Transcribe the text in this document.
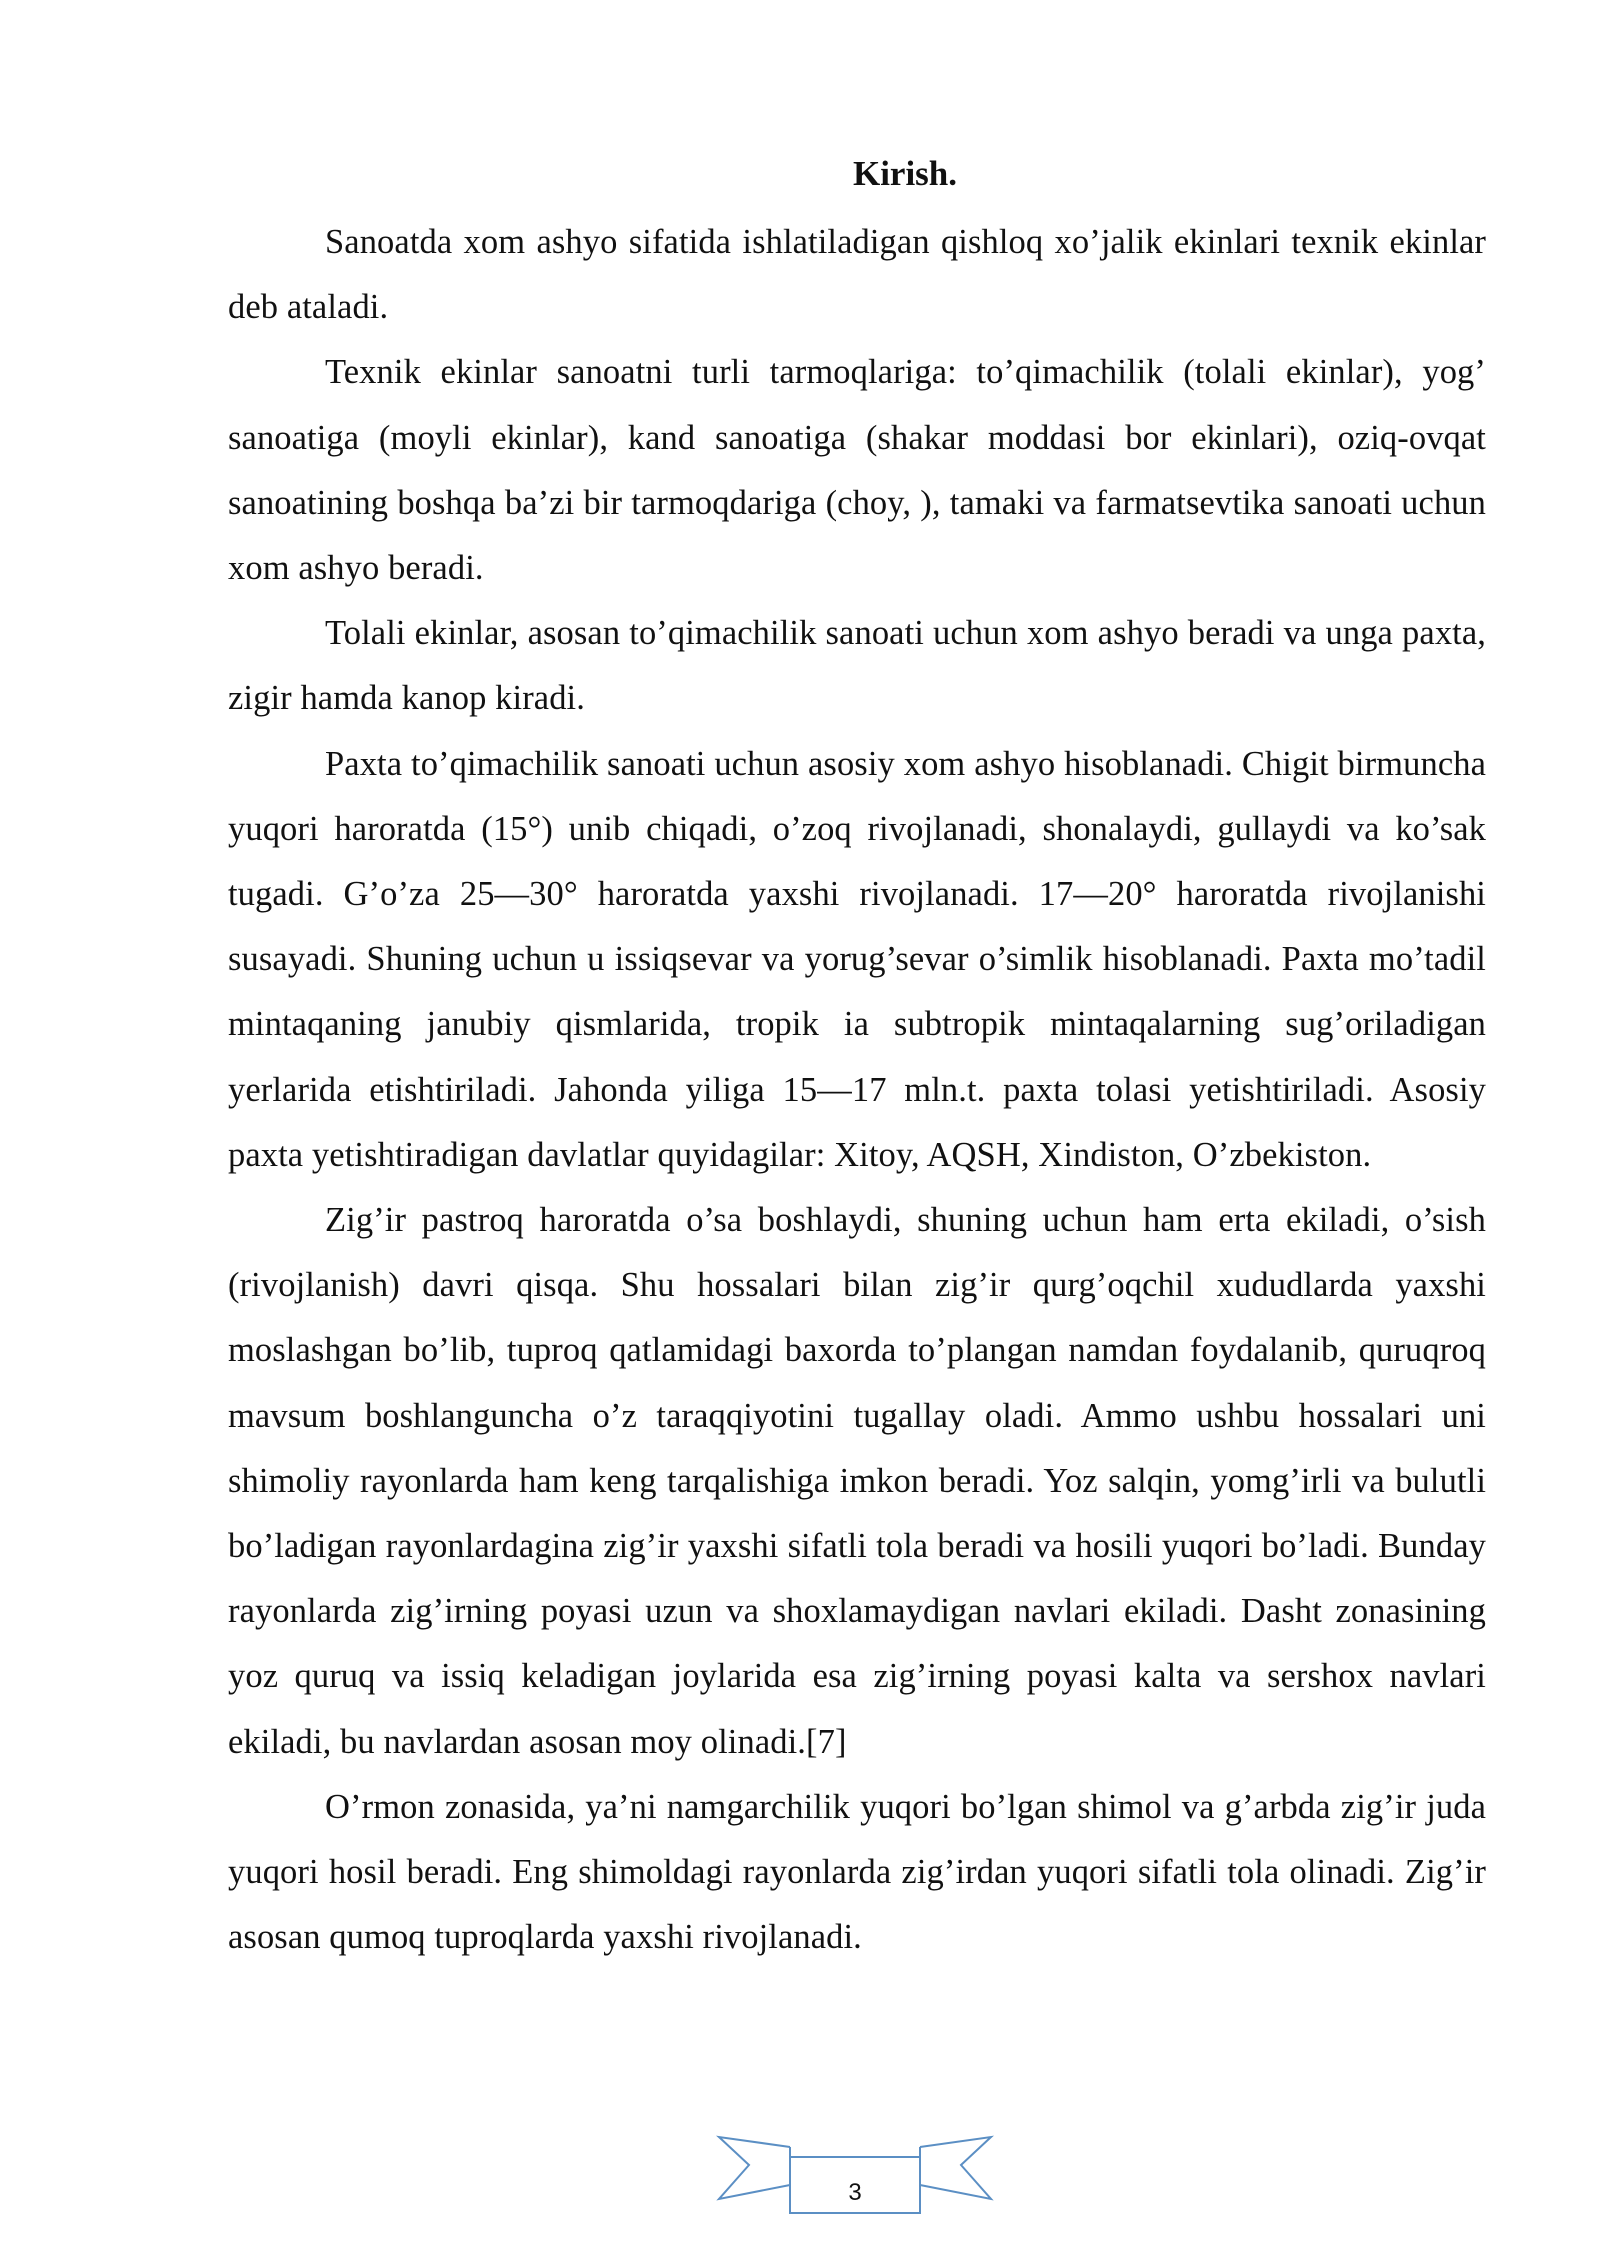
Kirish.

Sanoatda xom ashyo sifatida ishlatiladigan qishloq xo’jalik ekinlari texnik ekinlar deb ataladi.

Texnik ekinlar sanoatni turli tarmoqlariga: to’qimachilik (tolali ekinlar), yog’ sanoatiga (moyli ekinlar), kand sanoatiga (shakar moddasi bor ekinlari), oziq-ovqat sanoatining boshqa ba’zi bir tarmoqdariga (choy, ), tamaki va farmatsevtika sanoati uchun xom ashyo beradi.

Tolali ekinlar, asosan to’qimachilik sanoati uchun xom ashyo beradi va unga paxta, zigir hamda kanop kiradi.

Paxta to’qimachilik sanoati uchun asosiy xom ashyo hisoblanadi. Chigit birmuncha yuqori haroratda (15°) unib chiqadi, o’zoq rivojlanadi, shonalaydi, gullaydi va ko’sak tugadi. G’o’za 25—30° haroratda yaxshi rivojlanadi. 17—20° haroratda rivojlanishi susayadi. Shuning uchun u issiqsevar va yorug’sevar o’simlik hisoblanadi. Paxta mo’tadil mintaqaning janubiy qismlarida, tropik ia subtropik mintaqalarning sug’oriladigan yerlarida etishtiriladi. Jahonda yiliga 15—17 mln.t. paxta tolasi yetishtiriladi. Asosiy paxta yetishtiradigan davlatlar quyidagilar: Xitoy, AQSH, Xindiston, O’zbekiston.

Zig’ir pastroq haroratda o’sa boshlaydi, shuning uchun ham erta ekiladi, o’sish (rivojlanish) davri qisqa. Shu hossalari bilan zig’ir qurg’oqchil xududlarda yaxshi moslashgan bo’lib, tuproq qatlamidagi baxorda to’plangan namdan foydalanib, quruqroq mavsum boshlanguncha o’z taraqqiyotini tugallay oladi. Ammo ushbu hossalari uni shimoliy rayonlarda ham keng tarqalishiga imkon beradi. Yoz salqin, yomg’irli va bulutli bo’ladigan rayonlardagina zig’ir yaxshi sifatli tola beradi va hosili yuqori bo’ladi. Bunday rayonlarda zig’irning poyasi uzun va shoxlamaydigan navlari ekiladi. Dasht zonasining yoz quruq va issiq keladigan joylarida esa zig’irning poyasi kalta va sershox navlari ekiladi, bu navlardan asosan moy olinadi.[7]

O’rmon zonasida, ya’ni namgarchilik yuqori bo’lgan shimol va g’arbda zig’ir juda yuqori hosil beradi. Eng shimoldagi rayonlarda zig’irdan yuqori sifatli tola olinadi. Zig’ir asosan qumoq tuproqlarda yaxshi rivojlanadi.

3
